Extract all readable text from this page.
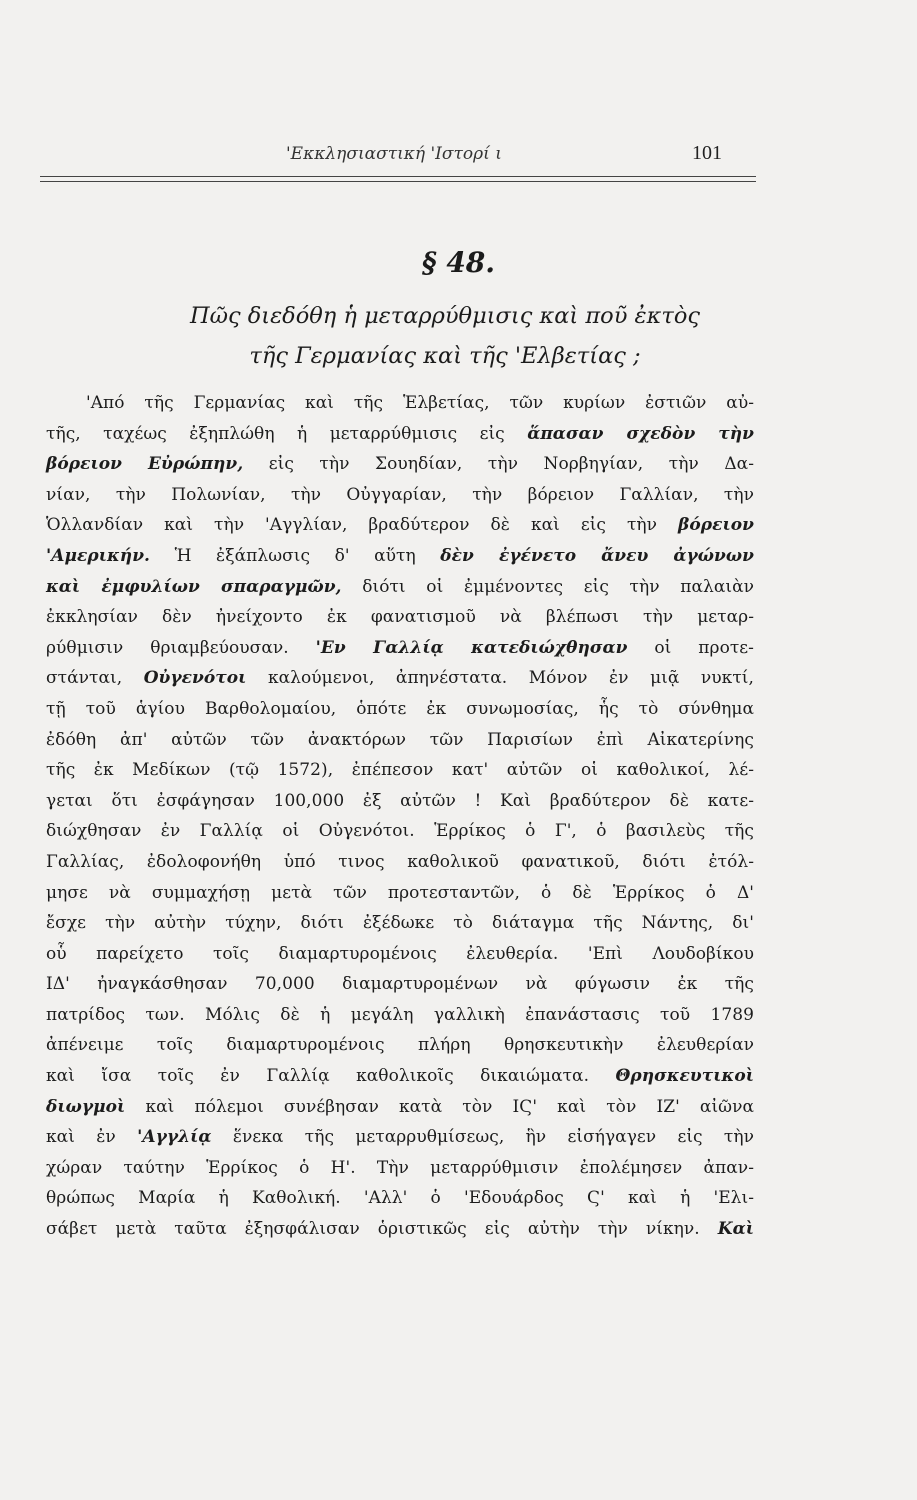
'Εκκλησιαστική 'Ιστορί ι	101
§ 48.
Πῶς διεδόθη ἡ μεταρρύθμισις καὶ ποῦ ἐκτὸς
τῆς Γερμανίας καὶ τῆς 'Ελβετίας ;
'Από τῆς Γερμανίας καὶ τῆς Ἑλβετίας, τῶν κυρίων ἐστιῶν αὐ-
τῆς, ταχέως ἐξηπλώθη ἡ μεταρρύθμισις εἰς ἅπασαν σχεδὸν τὴν
βόρειον Εὐρώπην, εἰς τὴν Σουηδίαν, τὴν Νορβηγίαν, τὴν Δα-
νίαν, τὴν Πολωνίαν, τὴν Οὐγγαρίαν, τὴν βόρειον Γαλλίαν, τὴν
Ὁλλανδίαν καὶ τὴν 'Αγγλίαν, βραδύτερον δὲ καὶ εἰς τὴν βόρειον
'Αμερικήν. Ἡ ἐξάπλωσις δ' αὕτη δὲν ἐγένετο ἄνευ ἀγώνων
καὶ ἐμφυλίων σπαραγμῶν, διότι οἱ ἐμμένοντες εἰς τὴν παλαιὰν
ἐκκλησίαν δὲν ἠνείχοντο ἐκ φανατισμοῦ νὰ βλέπωσι τὴν μεταρ-
ρύθμισιν θριαμβεύουσαν. 'Εν Γαλλίᾳ κατεδιώχθησαν οἱ προτε-
στάνται, Οὐγενότοι καλούμενοι, ἀπηνέστατα. Μόνον ἐν μιᾷ νυκτί,
τῇ τοῦ ἁγίου Βαρθολομαίου, ὁπότε ἐκ συνωμοσίας, ἧς τὸ σύνθημα
ἐδόθη ἀπ' αὐτῶν τῶν ἀνακτόρων τῶν Παρισίων ἐπὶ Αἰκατερίνης
τῆς ἐκ Μεδίκων (τῷ 1572), ἐπέπεσον κατ' αὐτῶν οἱ καθολικοί, λέ-
γεται ὅτι ἐσφάγησαν 100,000 ἐξ αὐτῶν ! Καὶ βραδύτερον δὲ κατε-
διώχθησαν ἐν Γαλλίᾳ οἱ Οὐγενότοι. Ἑρρίκος ὁ Γ', ὁ βασιλεὺς τῆς
Γαλλίας, ἐδολοφονήθη ὑπό τινος καθολικοῦ φανατικοῦ, διότι ἐτόλ-
μησε νὰ συμμαχήσῃ μετὰ τῶν προτεσταντῶν, ὁ δὲ Ἑρρίκος ὁ Δ'
ἔσχε τὴν αὐτὴν τύχην, διότι ἐξέδωκε τὸ διάταγμα τῆς Νάντης, δι'
οὗ παρείχετο τοῖς διαμαρτυρομένοις ἐλευθερία. 'Επὶ Λουδοβίκου
ΙΔ' ἠναγκάσθησαν 70,000 διαμαρτυρομένων νὰ φύγωσιν ἐκ τῆς
πατρίδος των. Μόλις δὲ ἡ μεγάλη γαλλικὴ ἐπανάστασις τοῦ 1789
ἀπένειμε τοῖς διαμαρτυρομένοις πλήρη θρησκευτικὴν ἐλευθερίαν
καὶ ἴσα τοῖς ἐν Γαλλίᾳ καθολικοῖς δικαιώματα. Θρησκευτικοὶ
διωγμοὶ καὶ πόλεμοι συνέβησαν κατὰ τὸν ΙϚ' καὶ τὸν ΙΖ' αἰῶνα
καὶ ἐν 'Αγγλίᾳ ἕνεκα τῆς μεταρρυθμίσεως, ἣν εἰσήγαγεν εἰς τὴν
χώραν ταύτην Ἑρρίκος ὁ Η'. Τὴν μεταρρύθμισιν ἐπολέμησεν ἀπαν-
θρώπως Μαρία ἡ Καθολική. 'Αλλ' ὁ 'Εδουάρδος Ϛ' καὶ ἡ 'Ελι-
σάβετ μετὰ ταῦτα ἐξησφάλισαν ὁριστικῶς εἰς αὐτὴν τὴν νίκην. Καὶ
